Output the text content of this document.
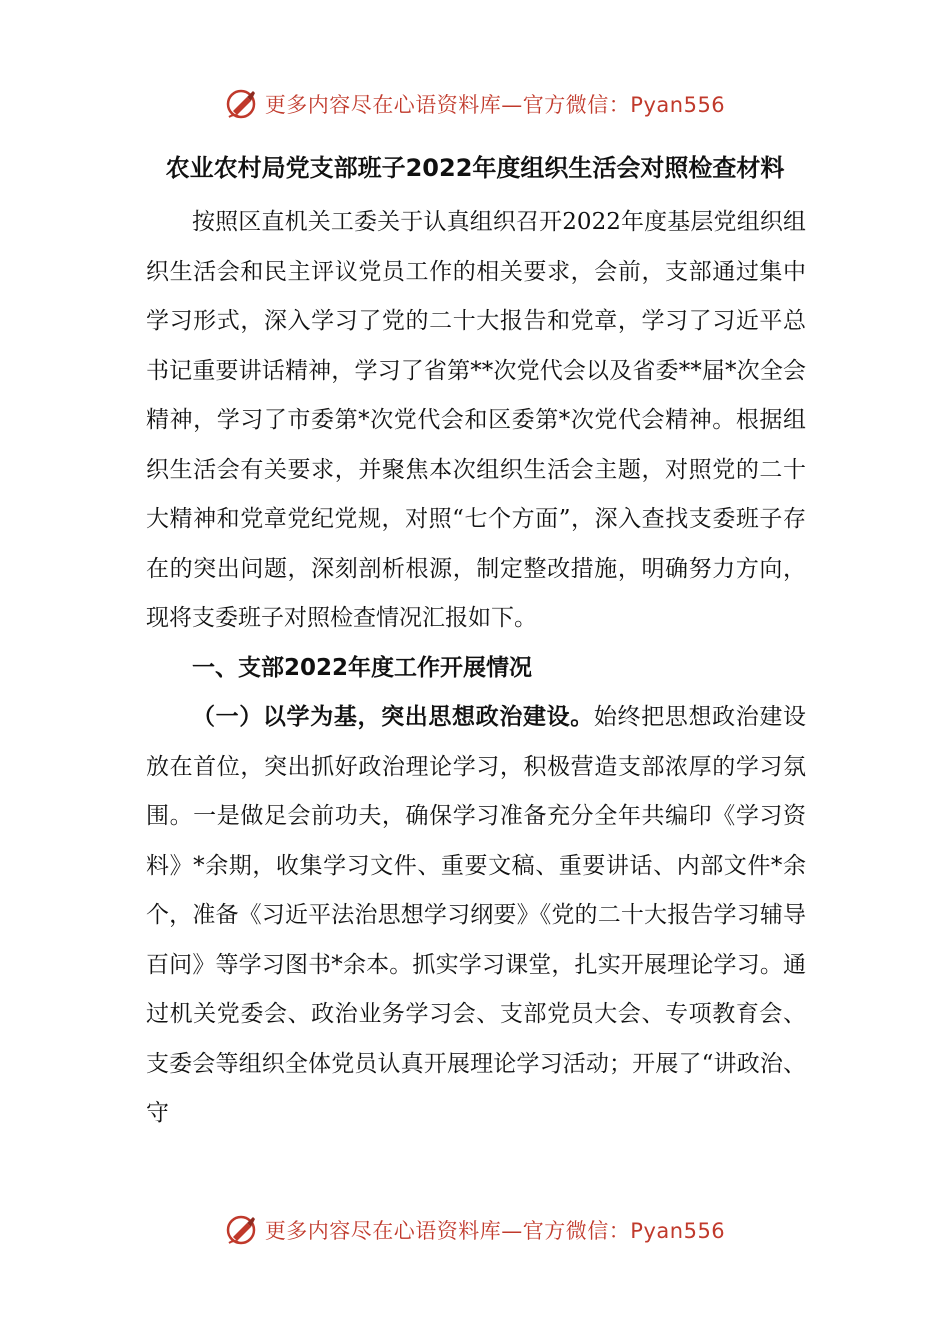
更多内容尽在心语资料库—官方微信：Pyan556
农业农村局党支部班子2022年度组织生活会对照检查材料

按照区直机关工委关于认真组织召开2022年度基层党组织组织生活会和民主评议党员工作的相关要求，会前，支部通过集中学习形式，深入学习了党的二十大报告和党章，学习了习近平总书记重要讲话精神，学习了省第**次党代会以及省委**届*次全会精神，学习了市委第*次党代会和区委第*次党代会精神。根据组织生活会有关要求，并聚焦本次组织生活会主题，对照党的二十大精神和党章党纪党规，对照“七个方面”，深入查找支委班子存在的突出问题，深刻剖析根源，制定整改措施，明确努力方向，现将支委班子对照检查情况汇报如下。

一、支部2022年度工作开展情况

（一）以学为基，突出思想政治建设。始终把思想政治建设放在首位，突出抓好政治理论学习，积极营造支部浓厚的学习氛围。一是做足会前功夫，确保学习准备充分全年共编印《学习资料》*余期，收集学习文件、重要文稿、重要讲话、内部文件*余个，准备《习近平法治思想学习纲要》《党的二十大报告学习辅导百问》等学习图书*余本。抓实学习课堂，扎实开展理论学习。通过机关党委会、政治业务学习会、支部党员大会、专项教育会、支委会等组织全体党员认真开展理论学习活动；开展了“讲政治、守

更多内容尽在心语资料库—官方微信：Pyan556
